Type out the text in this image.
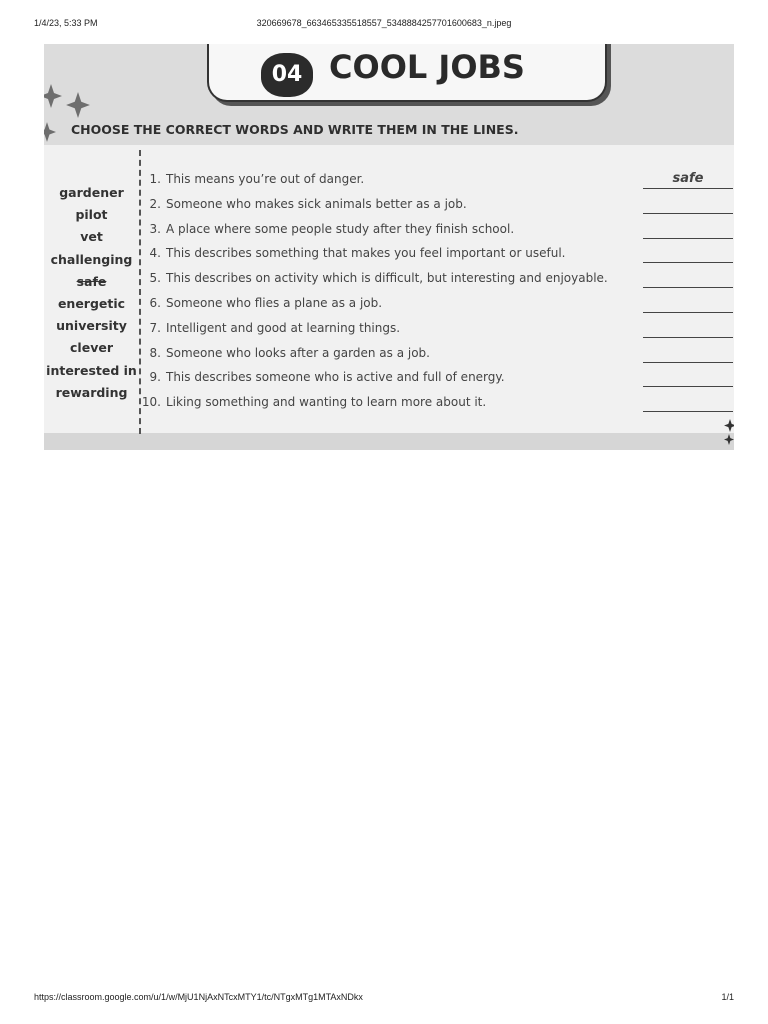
1/4/23, 5:33 PM	320669678_663465335518557_5348884257701600683_n.jpeg
04 COOL JOBS
CHOOSE THE CORRECT WORDS AND WRITE THEM IN THE LINES.
gardener
pilot
vet
challenging
safe
energetic
university
clever
interested in
rewarding
1. This means you’re out of danger.	safe
2. Someone who makes sick animals better as a job.
3. A place where some people study after they finish school.
4. This describes something that makes you feel important or useful.
5. This describes on activity which is difficult, but interesting and enjoyable.
6. Someone who flies a plane as a job.
7. Intelligent and good at learning things.
8. Someone who looks after a garden as a job.
9. This describes someone who is active and full of energy.
10. Liking something and wanting to learn more about it.
https://classroom.google.com/u/1/w/MjU1NjAxNTcxMTY1/tc/NTgxMTg1MTAxNDkx	1/1
